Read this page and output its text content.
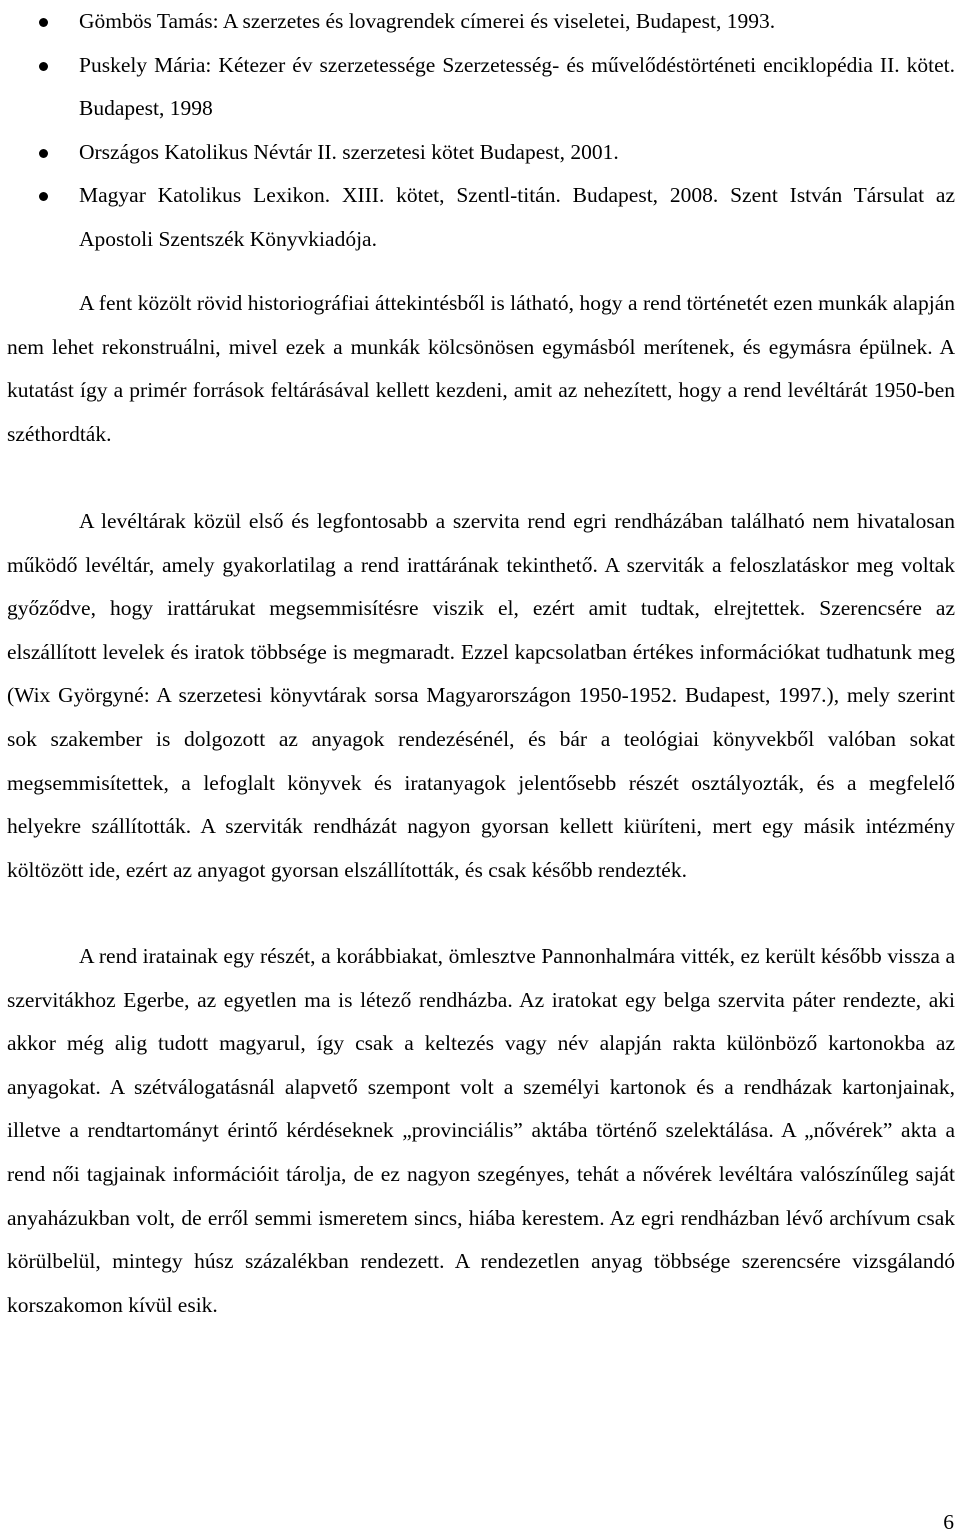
Gömbös Tamás: A szerzetes és lovagrendek címerei és viseletei, Budapest, 1993.
Puskely Mária: Kétezer év szerzetessége Szerzetesség- és művelődéstörténeti enciklopédia II. kötet. Budapest, 1998
Országos Katolikus Névtár II. szerzetesi kötet Budapest, 2001.
Magyar Katolikus Lexikon. XIII. kötet, Szentl-titán. Budapest, 2008. Szent István Társulat az Apostoli Szentszék Könyvkiadója.

A fent közölt rövid historiográfiai áttekintésből is látható, hogy a rend történetét ezen munkák alapján nem lehet rekonstruálni, mivel ezek a munkák kölcsönösen egymásból merítenek, és egymásra épülnek. A kutatást így a primér források feltárásával kellett kezdeni, amit az nehezített, hogy a rend levéltárát 1950-ben széthordták.

A levéltárak közül első és legfontosabb a szervita rend egri rendházában található nem hivatalosan működő levéltár, amely gyakorlatilag a rend irattárának tekinthető. A szerviták a feloszlatáskor meg voltak győződve, hogy irattárukat megsemmisítésre viszik el, ezért amit tudtak, elrejtettek. Szerencsére az elszállított levelek és iratok többsége is megmaradt. Ezzel kapcsolatban értékes információkat tudhatunk meg (Wix Györgyné: A szerzetesi könyvtárak sorsa Magyarországon 1950-1952. Budapest, 1997.), mely szerint sok szakember is dolgozott az anyagok rendezésénél, és bár a teológiai könyvekből valóban sokat megsemmisítettek, a lefoglalt könyvek és iratanyagok jelentősebb részét osztályozták, és a megfelelő helyekre szállították. A szerviták rendházát nagyon gyorsan kellett kiüríteni, mert egy másik intézmény költözött ide, ezért az anyagot gyorsan elszállították, és csak később rendezték.

A rend iratainak egy részét, a korábbiakat, ömlesztve Pannonhalmára vitték, ez került később vissza a szervitákhoz Egerbe, az egyetlen ma is létező rendházba. Az iratokat egy belga szervita páter rendezte, aki akkor még alig tudott magyarul, így csak a keltezés vagy név alapján rakta különböző kartonokba az anyagokat. A szétválogatásnál alapvető szempont volt a személyi kartonok és a rendházak kartonjainak, illetve a rendtartományt érintő kérdéseknek „provinciális” aktába történő szelektálása. A „nővérek” akta a rend női tagjainak információit tárolja, de ez nagyon szegényes, tehát a nővérek levéltára valószínűleg saját anyaházukban volt, de erről semmi ismeretem sincs, hiába kerestem. Az egri rendházban lévő archívum csak körülbelül, mintegy húsz százalékban rendezett. A rendezetlen anyag többsége szerencsére vizsgálandó korszakomon kívül esik.

6
